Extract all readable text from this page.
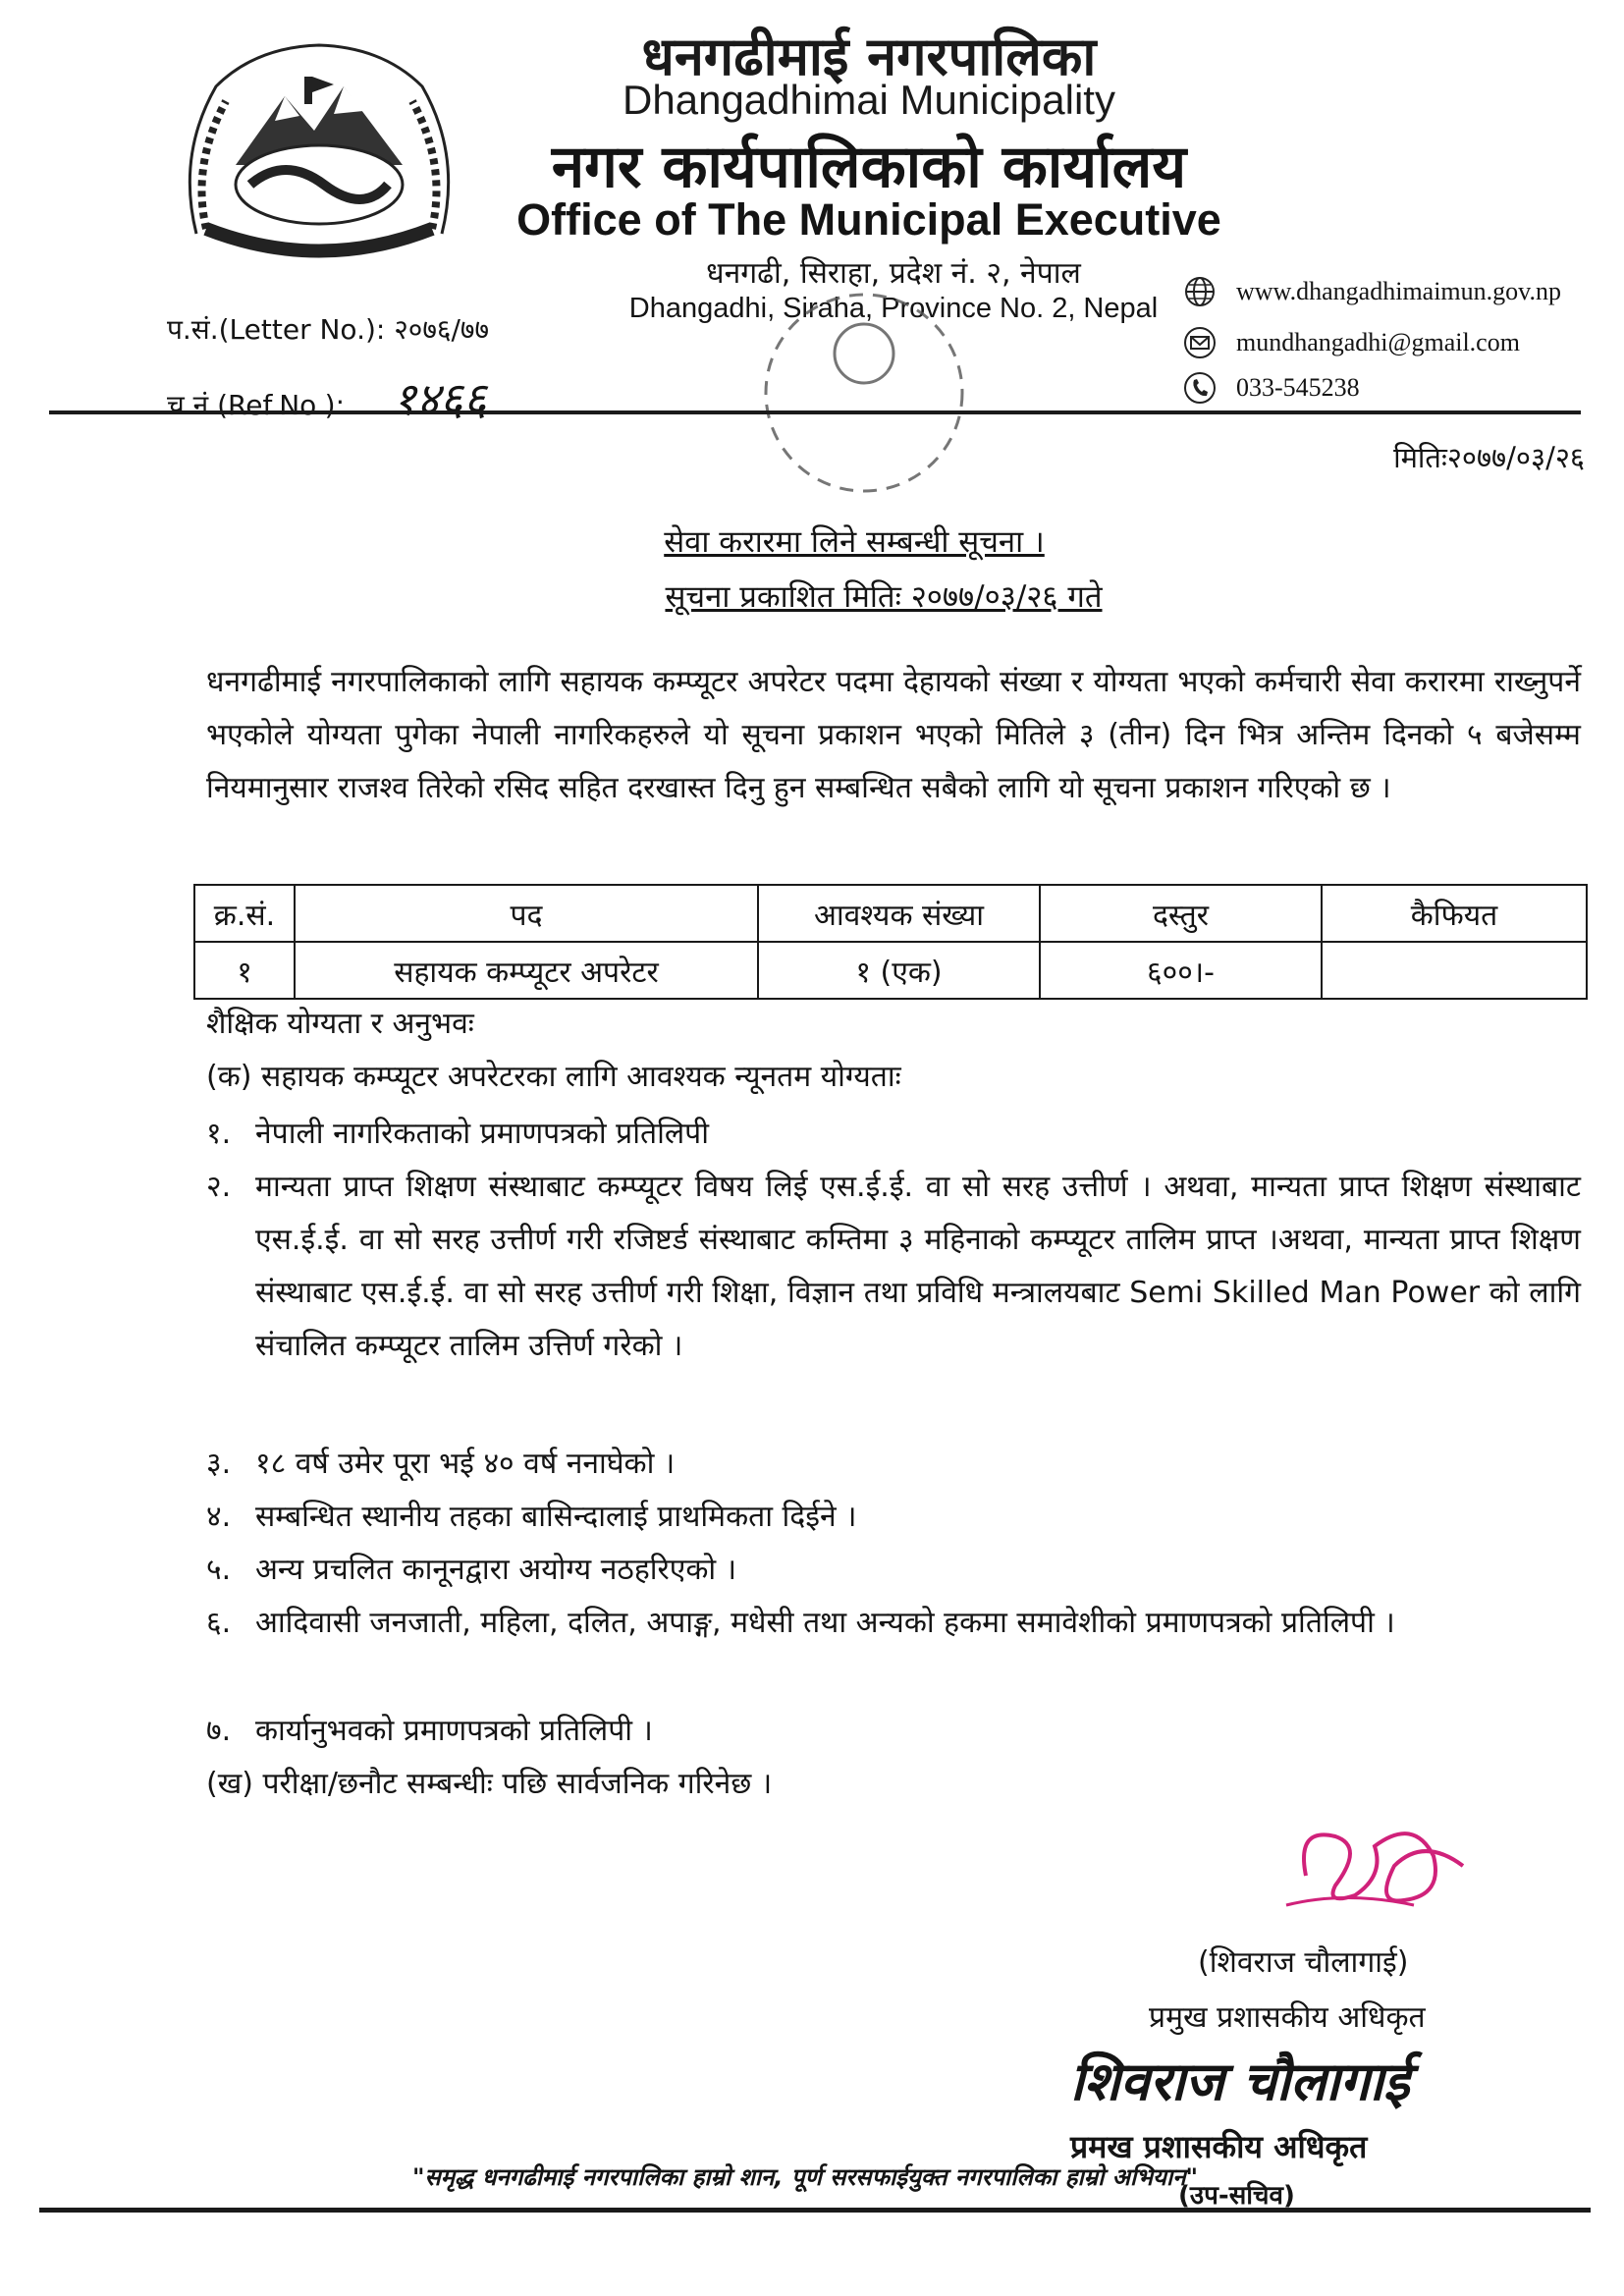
धनगढीमाई नगरपालिका
Dhangadhimai Municipality
नगर कार्यपालिकाको कार्यालय
Office of The Municipal Executive
धनगढी, सिराहा, प्रदेश नं. २, नेपाल
Dhangadhi, Siraha, Province No. 2, Nepal
www.dhangadhimaimun.gov.np
mundhangadhi@gmail.com
033-545238
प.सं.(Letter No.): २०७६/७७
च.नं.(Ref.No.): १४६६
मितिः२०७७/०३/२६
सेवा करारमा लिने सम्बन्धी सूचना ।
सूचना प्रकाशित मितिः २०७७/०३/२६ गते
धनगढीमाई नगरपालिकाको लागि सहायक कम्प्यूटर अपरेटर पदमा देहायको संख्या र योग्यता भएको कर्मचारी सेवा करारमा राख्नुपर्ने भएकोले योग्यता पुगेका नेपाली नागरिकहरुले यो सूचना प्रकाशन भएको मितिले ३ (तीन) दिन भित्र अन्तिम दिनको ५ बजेसम्म नियमानुसार राजश्व तिरेको रसिद सहित दरखास्त दिनु हुन सम्बन्धित सबैको लागि यो सूचना प्रकाशन गरिएको छ ।
क्र.सं.	पद	आवश्यक संख्या	दस्तुर	कैफियत
१	सहायक कम्प्यूटर अपरेटर	१ (एक)	६००।-	
शैक्षिक योग्यता र अनुभवः
(क) सहायक कम्प्यूटर अपरेटरका लागि आवश्यक न्यूनतम योग्यताः
१. नेपाली नागरिकताको प्रमाणपत्रको प्रतिलिपी
२. मान्यता प्राप्त शिक्षण संस्थाबाट कम्प्यूटर विषय लिई एस.ई.ई. वा सो सरह उत्तीर्ण । अथवा, मान्यता प्राप्त शिक्षण संस्थाबाट एस.ई.ई. वा सो सरह उत्तीर्ण गरी रजिष्टर्ड संस्थाबाट कम्तिमा ३ महिनाको कम्प्यूटर तालिम प्राप्त ।अथवा, मान्यता प्राप्त शिक्षण संस्थाबाट एस.ई.ई. वा सो सरह उत्तीर्ण गरी शिक्षा, विज्ञान तथा प्रविधि मन्त्रालयबाट Semi Skilled Man Power को लागि संचालित कम्प्यूटर तालिम उत्तिर्ण गरेको ।
३. १८ वर्ष उमेर पूरा भई ४० वर्ष ननाघेको ।
४. सम्बन्धित स्थानीय तहका बासिन्दालाई प्राथमिकता दिईने ।
५. अन्य प्रचलित कानूनद्वारा अयोग्य नठहरिएको ।
६. आदिवासी जनजाती, महिला, दलित, अपाङ्ग, मधेसी तथा अन्यको हकमा समावेशीको प्रमाणपत्रको प्रतिलिपी ।
७. कार्यानुभवको प्रमाणपत्रको प्रतिलिपी ।
(ख) परीक्षा/छनौट सम्बन्धीः पछि सार्वजनिक गरिनेछ ।
(शिवराज चौलागाई)
प्रमुख प्रशासकीय अधिकृत
शिवराज चौलागाई
प्रमख प्रशासकीय अधिकृत
(उप-सचिव)
"समृद्ध धनगढीमाई नगरपालिका हाम्रो शान, पूर्ण सरसफाईयुक्त नगरपालिका हाम्रो अभियान"
